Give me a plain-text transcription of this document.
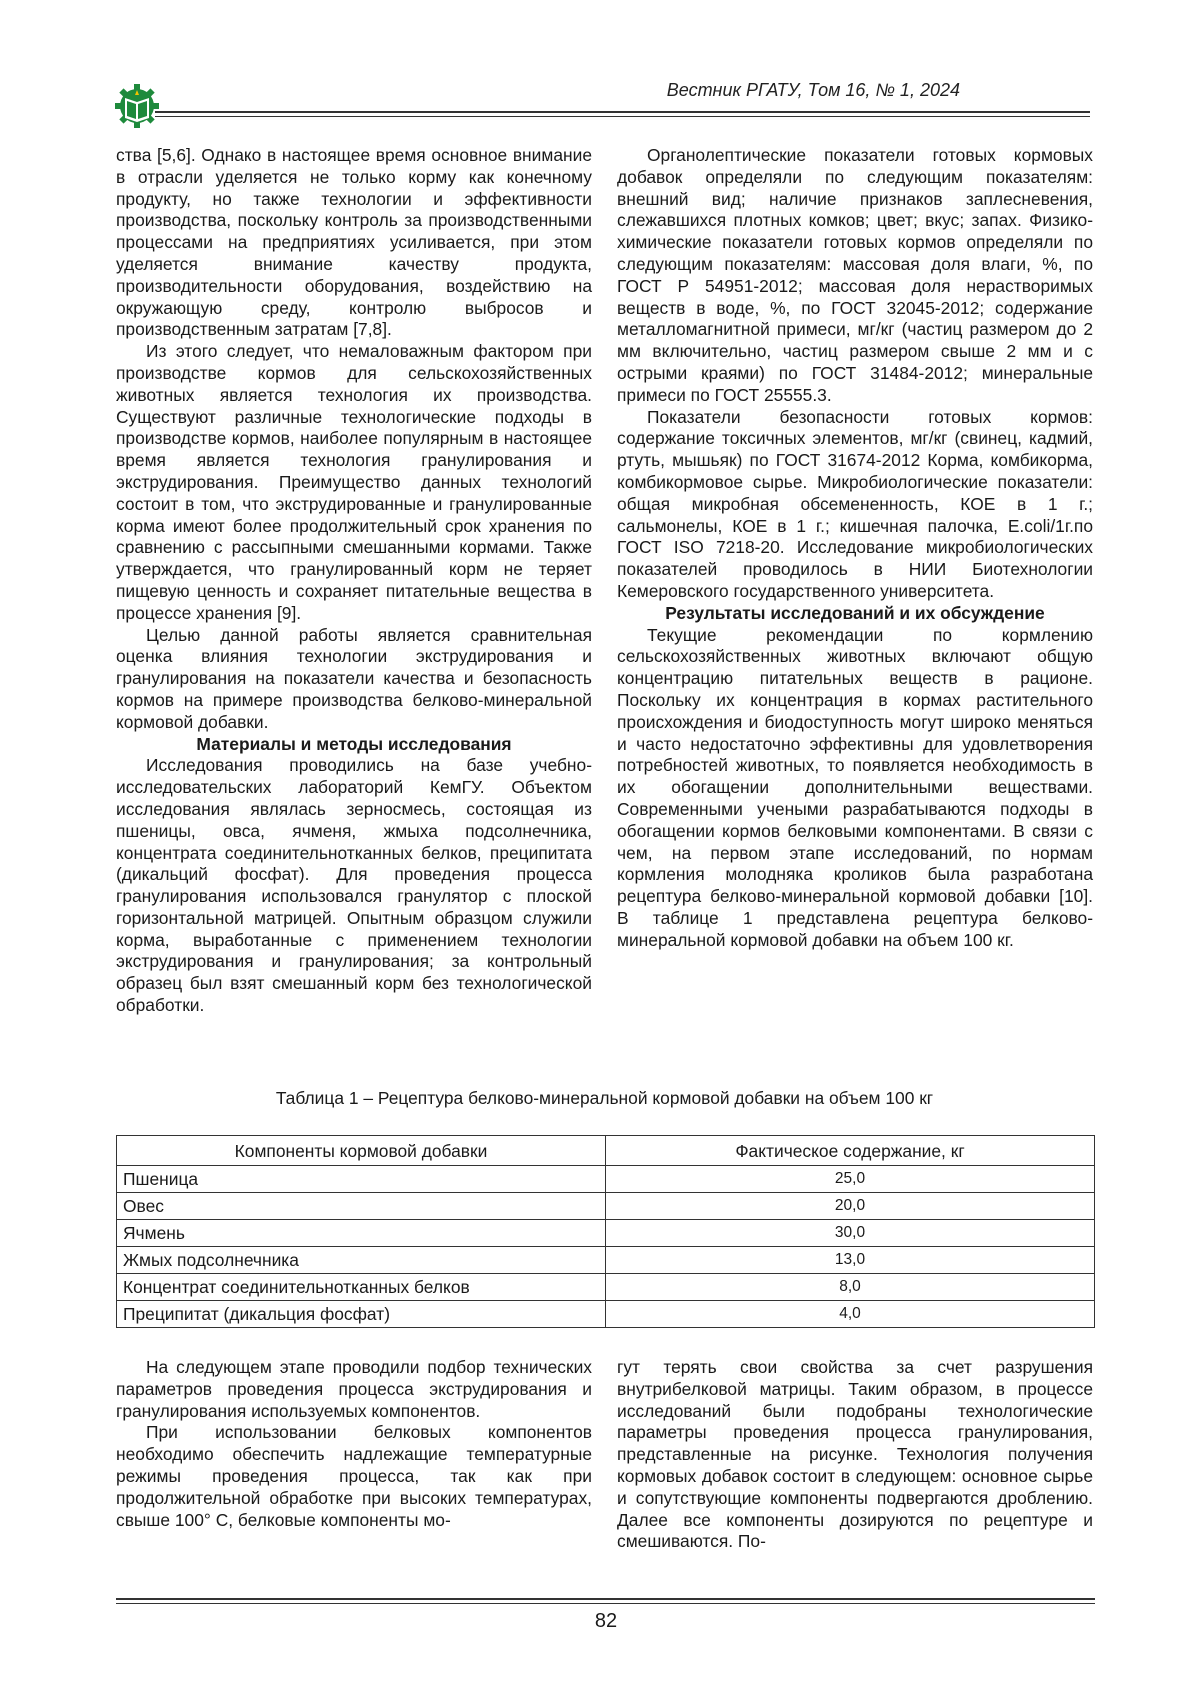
Вестник РГАТУ, Том 16, № 1, 2024

ства [5,6]. Однако в настоящее время основное внимание в отрасли уделяется не только корму как конечному продукту, но также технологии и эффективности производства, поскольку контроль за производственными процессами на предприятиях усиливается, при этом уделяется внимание качеству продукта, производительности оборудования, воздействию на окружающую среду, контролю выбросов и производственным затратам [7,8].

Из этого следует, что немаловажным фактором при производстве кормов для сельскохозяйственных животных является технология их производства. Существуют различные технологические подходы в производстве кормов, наиболее популярным в настоящее время является технология гранулирования и экструдирования. Преимущество данных технологий состоит в том, что экструдированные и гранулированные корма имеют более продолжительный срок хранения по сравнению с рассыпными смешанными кормами. Также утверждается, что гранулированный корм не теряет пищевую ценность и сохраняет питательные вещества в процессе хранения [9].

Целью данной работы является сравнительная оценка влияния технологии экструдирования и гранулирования на показатели качества и безопасность кормов на примере производства белково-минеральной кормовой добавки.

Материалы и методы исследования

Исследования проводились на базе учебно-исследовательских лабораторий КемГУ. Объектом исследования являлась зерносмесь, состоящая из пшеницы, овса, ячменя, жмыха подсолнечника, концентрата соединительнотканных белков, преципитата (дикальций фосфат). Для проведения процесса гранулирования использовался гранулятор с плоской горизонтальной матрицей. Опытным образцом служили корма, выработанные с применением технологии экструдирования и гранулирования; за контрольный образец был взят смешанный корм без технологической обработки.

Органолептические показатели готовых кормовых добавок определяли по следующим показателям: внешний вид; наличие признаков заплесневения, слежавшихся плотных комков; цвет; вкус; запах. Физико-химические показатели готовых кормов определяли по следующим показателям: массовая доля влаги, %, по ГОСТ Р 54951-2012; массовая доля нерастворимых веществ в воде, %, по ГОСТ 32045-2012; содержание металломагнитной примеси, мг/кг (частиц размером до 2 мм включительно, частиц размером свыше 2 мм и с острыми краями) по ГОСТ 31484-2012; минеральные примеси по ГОСТ 25555.3.

Показатели безопасности готовых кормов: содержание токсичных элементов, мг/кг (свинец, кадмий, ртуть, мышьяк) по ГОСТ 31674-2012 Корма, комбикорма, комбикормовое сырье. Микробиологические показатели: общая микробная обсемененность, КОЕ в 1 г.; сальмонелы, КОЕ в 1 г.; кишечная палочка, E.coli/1г.по ГОСТ ISO 7218-20. Исследование микробиологических показателей проводилось в НИИ Биотехнологии Кемеровского государственного университета.

Результаты исследований и их обсуждение

Текущие рекомендации по кормлению сельскохозяйственных животных включают общую концентрацию питательных веществ в рационе. Поскольку их концентрация в кормах растительного происхождения и биодоступность могут широко меняться и часто недостаточно эффективны для удовлетворения потребностей животных, то появляется необходимость в их обогащении дополнительными веществами. Современными учеными разрабатываются подходы в обогащении кормов белковыми компонентами. В связи с чем, на первом этапе исследований, по нормам кормления молодняка кроликов была разработана рецептура белково-минеральной кормовой добавки [10]. В таблице 1 представлена рецептура белково-минеральной кормовой добавки на объем 100 кг.

Таблица 1 – Рецептура белково-минеральной кормовой добавки на объем 100 кг
Компоненты кормовой добавки	Фактическое содержание, кг
Пшеница	25,0
Овес	20,0
Ячмень	30,0
Жмых подсолнечника	13,0
Концентрат соединительнотканных белков	8,0
Преципитат (дикальция фосфат)	4,0

На следующем этапе проводили подбор технических параметров проведения процесса экструдирования и гранулирования используемых компонентов.

При использовании белковых компонентов необходимо обеспечить надлежащие температурные режимы проведения процесса, так как при продолжительной обработке при высоких температурах, свыше 100° С, белковые компоненты мо-

гут терять свои свойства за счет разрушения внутрибелковой матрицы. Таким образом, в процессе исследований были подобраны технологические параметры проведения процесса гранулирования, представленные на рисунке. Технология получения кормовых добавок состоит в следующем: основное сырье и сопутствующие компоненты подвергаются дроблению. Далее все компоненты дозируются по рецептуре и смешиваются. По-

82
